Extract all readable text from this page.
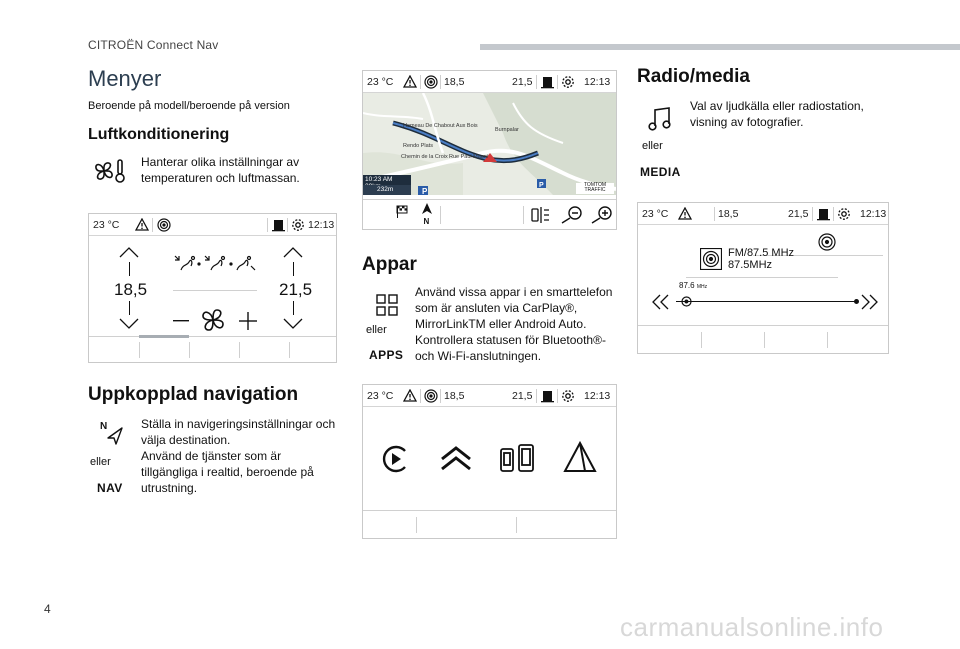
CITROËN Connect Nav
4
carmanualsonline.info
Menyer
Beroende på modell/beroende på version
Luftkonditionering
Hanterar olika inställningar av temperaturen och luftmassan.
23 °C	12:13
18,5	21,5
Uppkopplad navigation
N
eller
NAV
Ställa in navigeringsinställningar och välja destination.
Använd de tjänster som är tillgängliga i realtid, beroende på utrustning.
23 °C	18,5	21,5	12:13
P
P
Hameau De Chabout Aux Bois
Burnpalar
Rendo Plats
Chemin de la Croix Rue Paul Magni
10:23 AM
232m
TOMTOM
TRAFFIC
N
Appar
eller
APPS
Använd vissa appar i en smarttelefon
som är ansluten via CarPlay®,
MirrorLinkTM eller Android Auto.
Kontrollera statusen för Bluetooth®-
och Wi-Fi-anslutningen.
23 °C	18,5	21,5	12:13
Radio/media
eller
MEDIA
Val av ljudkälla eller radiostation, visning av fotografier.
23 °C	18,5	21,5	12:13
FM/87.5 MHz
87.5MHz
87.6 MHz
